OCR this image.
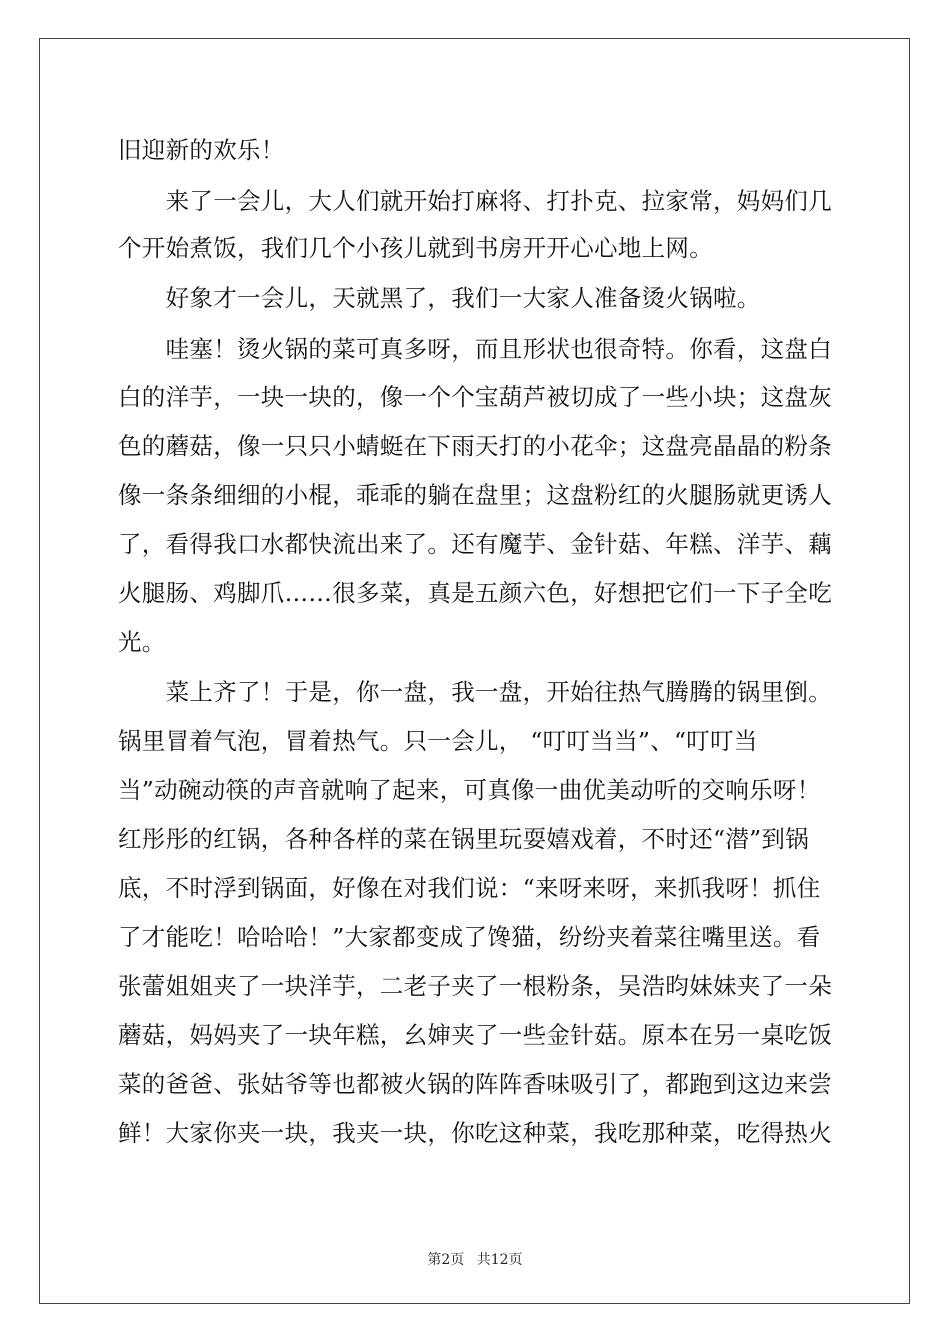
旧迎新的欢乐！
　　来了一会儿，大人们就开始打麻将、打扑克、拉家常，妈妈们几
个开始煮饭，我们几个小孩儿就到书房开开心心地上网。
　　好象才一会儿，天就黑了，我们一大家人准备烫火锅啦。
　　哇塞！烫火锅的菜可真多呀，而且形状也很奇特。你看，这盘白
白的洋芋，一块一块的，像一个个宝葫芦被切成了一些小块；这盘灰
色的蘑菇，像一只只小蜻蜓在下雨天打的小花伞；这盘亮晶晶的粉条
像一条条细细的小棍，乖乖的躺在盘里；这盘粉红的火腿肠就更诱人
了，看得我口水都快流出来了。还有魔芋、金针菇、年糕、洋芋、藕
火腿肠、鸡脚爪……很多菜，真是五颜六色，好想把它们一下子全吃
光。
　　菜上齐了！于是，你一盘，我一盘，开始往热气腾腾的锅里倒。
锅里冒着气泡，冒着热气。只一会儿， “叮叮当当”、“叮叮当
当”动碗动筷的声音就响了起来，可真像一曲优美动听的交响乐呀！
红彤彤的红锅，各种各样的菜在锅里玩耍嬉戏着，不时还“潜”到锅
底，不时浮到锅面，好像在对我们说：“来呀来呀，来抓我呀！抓住
了才能吃！哈哈哈！”大家都变成了馋猫，纷纷夹着菜往嘴里送。看
张蕾姐姐夹了一块洋芋，二老子夹了一根粉条，吴浩昀妹妹夹了一朵
蘑菇，妈妈夹了一块年糕，幺婶夹了一些金针菇。原本在另一桌吃饭
菜的爸爸、张姑爷等也都被火锅的阵阵香味吸引了，都跑到这边来尝
鲜！大家你夹一块，我夹一块，你吃这种菜，我吃那种菜，吃得热火
第2页 共12页
